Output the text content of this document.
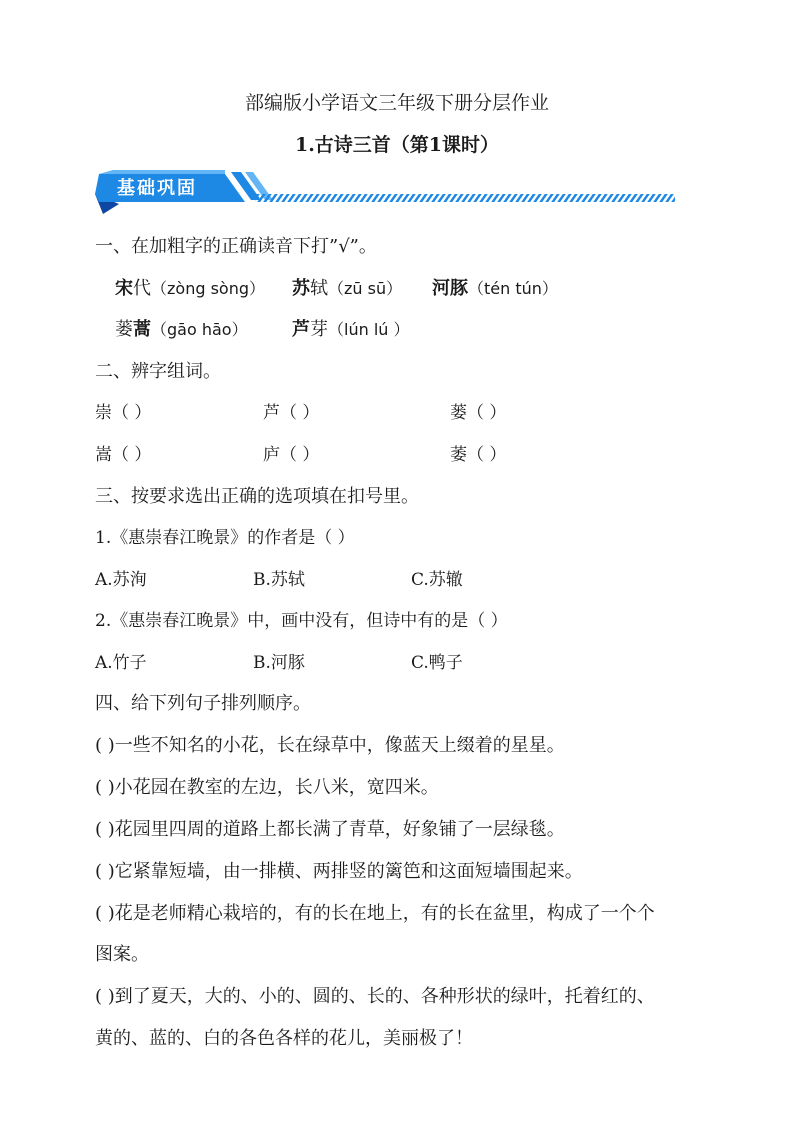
部编版小学语文三年级下册分层作业
1.古诗三首（第1课时）
基础巩固
一、在加粗字的正确读音下打”√”。
宋代（zòng sòng） 苏轼（zū sū） 河豚（tén tún）
蒌蒿（gāo hāo） 芦芽（lún lú ）
二、辨字组词。
崇（ ）	芦（ ）	蒌（ ）
嵩（ ）	庐（ ）	萎（ ）
三、按要求选出正确的选项填在扣号里。
1.《惠崇春江晚景》的作者是（ ）
A.苏洵	B.苏轼	C.苏辙
2.《惠崇春江晚景》中，画中没有，但诗中有的是（ ）
A.竹子	B.河豚	C.鸭子
四、给下列句子排列顺序。
( )一些不知名的小花，长在绿草中，像蓝天上缀着的星星。
( )小花园在教室的左边，长八米，宽四米。
( )花园里四周的道路上都长满了青草，好象铺了一层绿毯。
( )它紧靠短墙，由一排横、两排竖的篱笆和这面短墙围起来。
( )花是老师精心栽培的，有的长在地上，有的长在盆里，构成了一个个
图案。
( )到了夏天，大的、小的、圆的、长的、各种形状的绿叶，托着红的、
黄的、蓝的、白的各色各样的花儿，美丽极了！
